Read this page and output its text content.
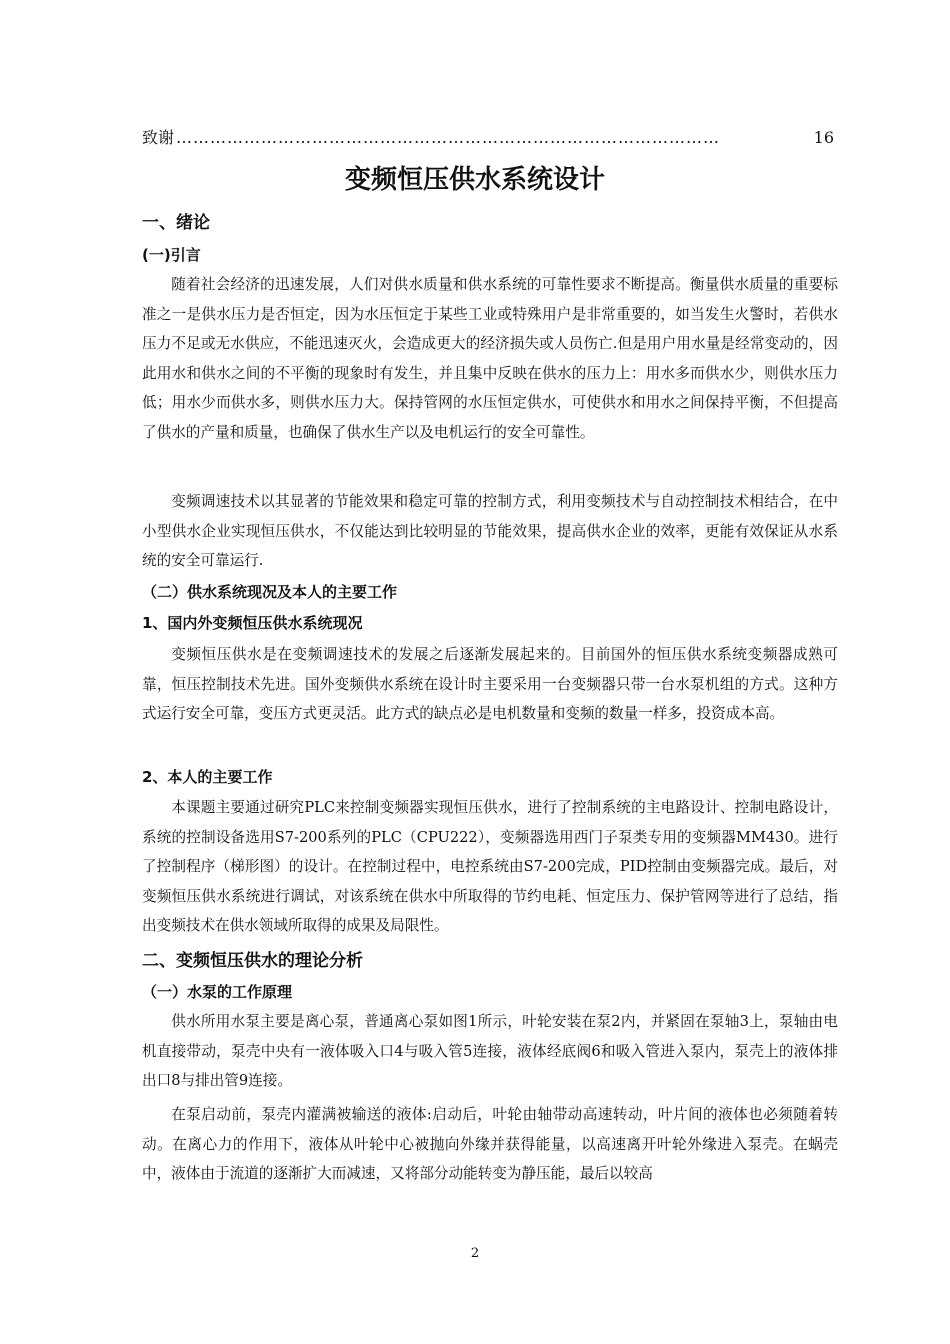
致谢 ……………………………………………………………………………………	16
变频恒压供水系统设计
一、绪论
(一)引言

随着社会经济的迅速发展，人们对供水质量和供水系统的可靠性要求不断提高。衡量供水质量的重要标准之一是供水压力是否恒定，因为水压恒定于某些工业或特殊用户是非常重要的，如当发生火警时，若供水压力不足或无水供应，不能迅速灭火，会造成更大的经济损失或人员伤亡.但是用户用水量是经常变动的，因此用水和供水之间的不平衡的现象时有发生，并且集中反映在供水的压力上：用水多而供水少，则供水压力低；用水少而供水多，则供水压力大。保持管网的水压恒定供水，可使供水和用水之间保持平衡，不但提高了供水的产量和质量，也确保了供水生产以及电机运行的安全可靠性。

变频调速技术以其显著的节能效果和稳定可靠的控制方式，利用变频技术与自动控制技术相结合，在中小型供水企业实现恒压供水，不仅能达到比较明显的节能效果，提高供水企业的效率，更能有效保证从水系统的安全可靠运行.

（二）供水系统现况及本人的主要工作
1、国内外变频恒压供水系统现况

变频恒压供水是在变频调速技术的发展之后逐渐发展起来的。目前国外的恒压供水系统变频器成熟可靠，恒压控制技术先进。国外变频供水系统在设计时主要采用一台变频器只带一台水泵机组的方式。这种方式运行安全可靠，变压方式更灵活。此方式的缺点必是电机数量和变频的数量一样多，投资成本高。

2、本人的主要工作

本课题主要通过研究PLC来控制变频器实现恒压供水，进行了控制系统的主电路设计、控制电路设计，系统的控制设备选用S7-200系列的PLC（CPU222），变频器选用西门子泵类专用的变频器MM430。进行了控制程序（梯形图）的设计。在控制过程中，电控系统由S7-200完成，PID控制由变频器完成。最后，对变频恒压供水系统进行调试，对该系统在供水中所取得的节约电耗、恒定压力、保护管网等进行了总结，指出变频技术在供水领域所取得的成果及局限性。

二、变频恒压供水的理论分析
（一）水泵的工作原理

供水所用水泵主要是离心泵，普通离心泵如图1所示，叶轮安装在泵2内，并紧固在泵轴3上，泵轴由电机直接带动，泵壳中央有一液体吸入口4与吸入管5连接，液体经底阀6和吸入管进入泵内，泵壳上的液体排出口8与排出管9连接。

在泵启动前，泵壳内灌满被输送的液体:启动后，叶轮由轴带动高速转动，叶片间的液体也必须随着转动。在离心力的作用下，液体从叶轮中心被抛向外缘并获得能量，以高速离开叶轮外缘进入泵壳。在蜗壳中，液体由于流道的逐渐扩大而减速，又将部分动能转变为静压能，最后以较高

2
